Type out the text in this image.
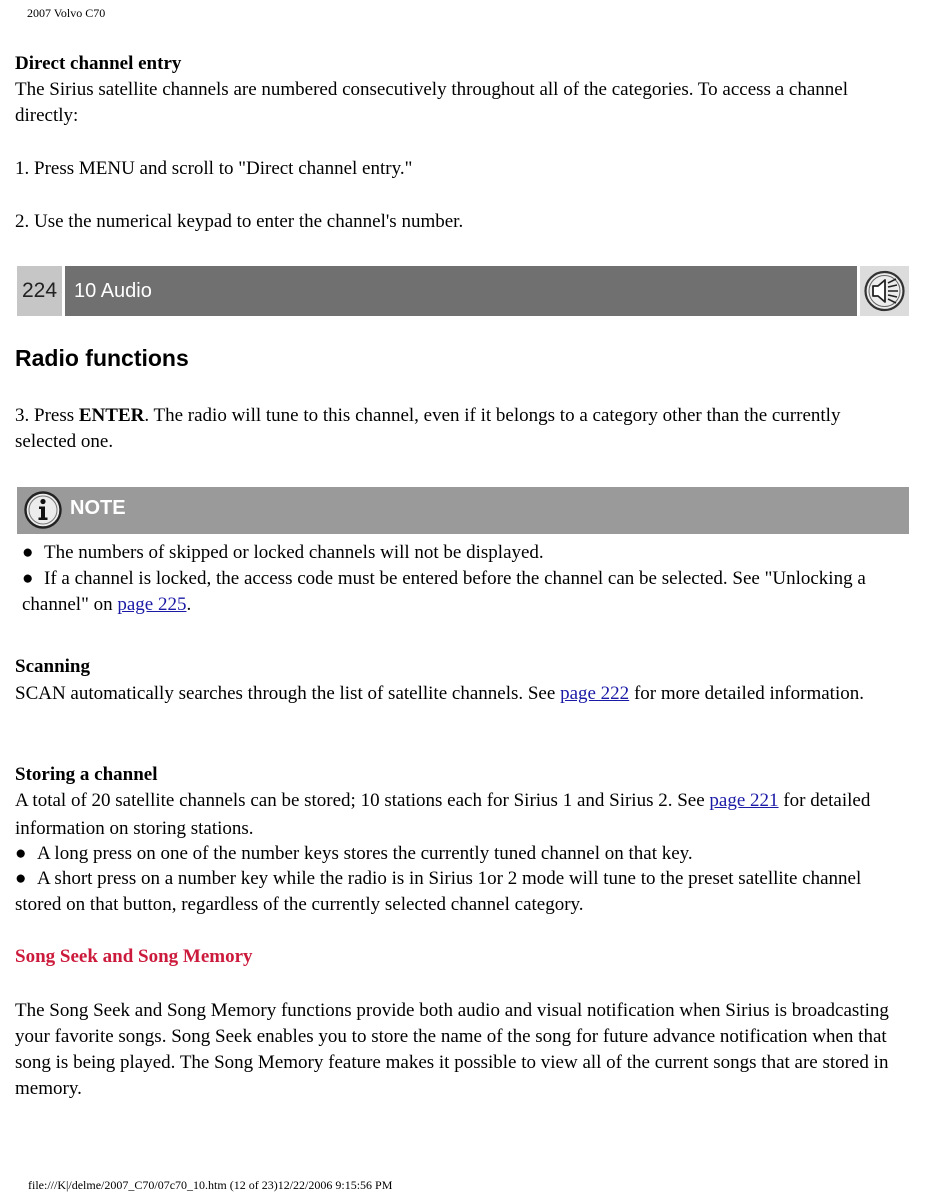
2007 Volvo C70
Direct channel entry
The Sirius satellite channels are numbered consecutively throughout all of the categories. To access a channel directly:
1. Press MENU and scroll to "Direct channel entry."
2. Use the numerical keypad to enter the channel's number.
224 10 Audio
Radio functions
3. Press ENTER. The radio will tune to this channel, even if it belongs to a category other than the currently selected one.
NOTE
● The numbers of skipped or locked channels will not be displayed.
● If a channel is locked, the access code must be entered before the channel can be selected. See "Unlocking a channel" on page 225.
Scanning
SCAN automatically searches through the list of satellite channels. See page 222 for more detailed information.
Storing a channel
A total of 20 satellite channels can be stored; 10 stations each for Sirius 1 and Sirius 2. See page 221 for detailed information on storing stations.
● A long press on one of the number keys stores the currently tuned channel on that key.
● A short press on a number key while the radio is in Sirius 1or 2 mode will tune to the preset satellite channel stored on that button, regardless of the currently selected channel category.
Song Seek and Song Memory
The Song Seek and Song Memory functions provide both audio and visual notification when Sirius is broadcasting your favorite songs. Song Seek enables you to store the name of the song for future advance notification when that song is being played. The Song Memory feature makes it possible to view all of the current songs that are stored in memory.
file:///K|/delme/2007_C70/07c70_10.htm (12 of 23)12/22/2006 9:15:56 PM
